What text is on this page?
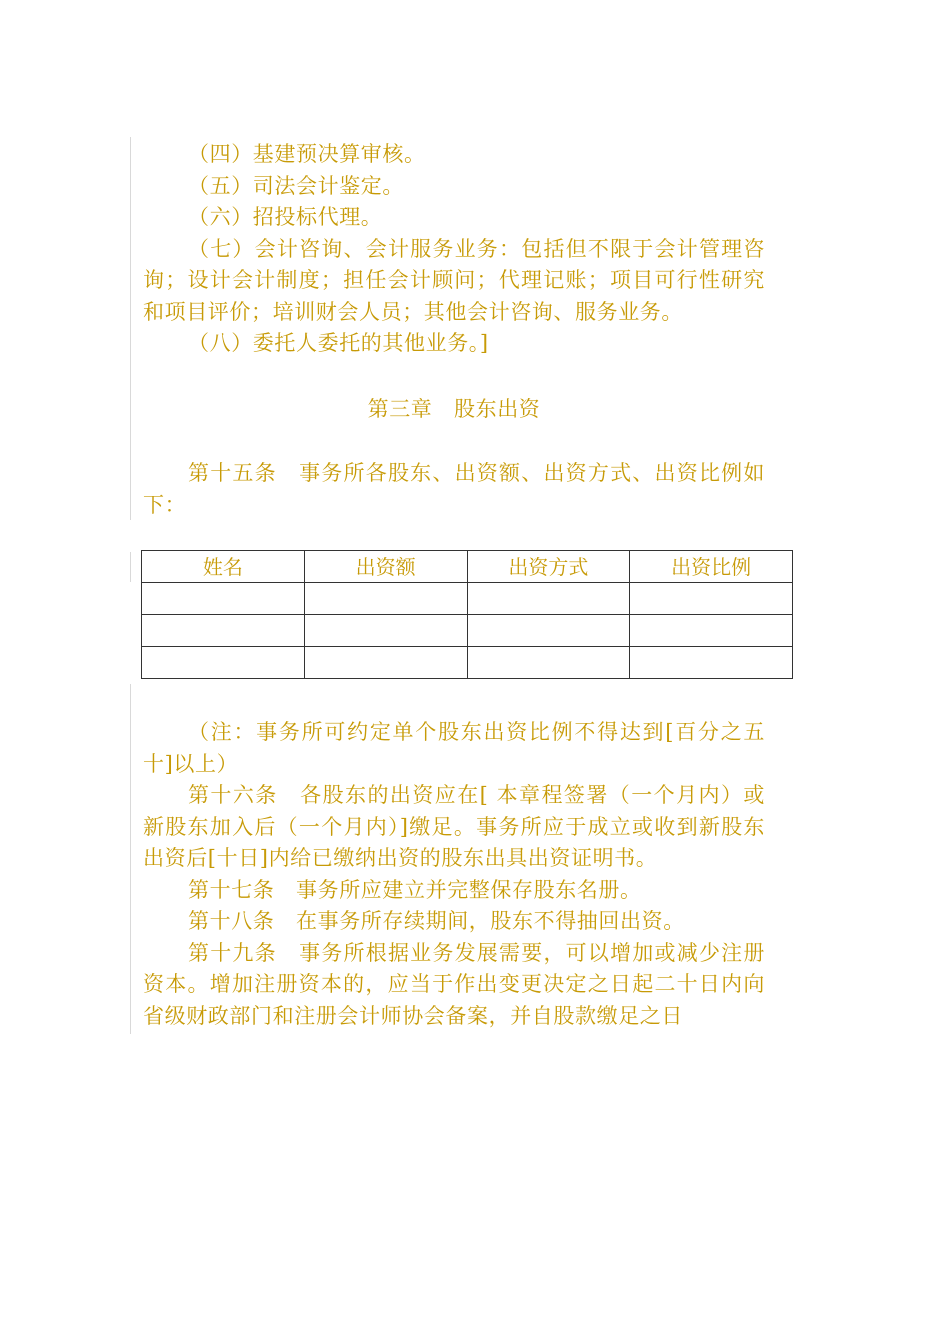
（四）基建预决算审核。

（五）司法会计鉴定。

（六）招投标代理。

（七）会计咨询、会计服务业务：包括但不限于会计管理咨询；设计会计制度；担任会计顾问；代理记账；项目可行性研究和项目评价；培训财会人员；其他会计咨询、服务业务。

（八）委托人委托的其他业务。]

第三章　股东出资

第十五条　事务所各股东、出资额、出资方式、出资比例如下：

姓名	出资额	出资方式	出资比例

（注：事务所可约定单个股东出资比例不得达到[百分之五十]以上）

第十六条　各股东的出资应在[ 本章程签署（一个月内）或新股东加入后（一个月内）]缴足。事务所应于成立或收到新股东出资后[十日]内给已缴纳出资的股东出具出资证明书。

第十七条　事务所应建立并完整保存股东名册。

第十八条　在事务所存续期间，股东不得抽回出资。

第十九条　事务所根据业务发展需要，可以增加或减少注册资本。增加注册资本的，应当于作出变更决定之日起二十日内向省级财政部门和注册会计师协会备案，并自股款缴足之日
